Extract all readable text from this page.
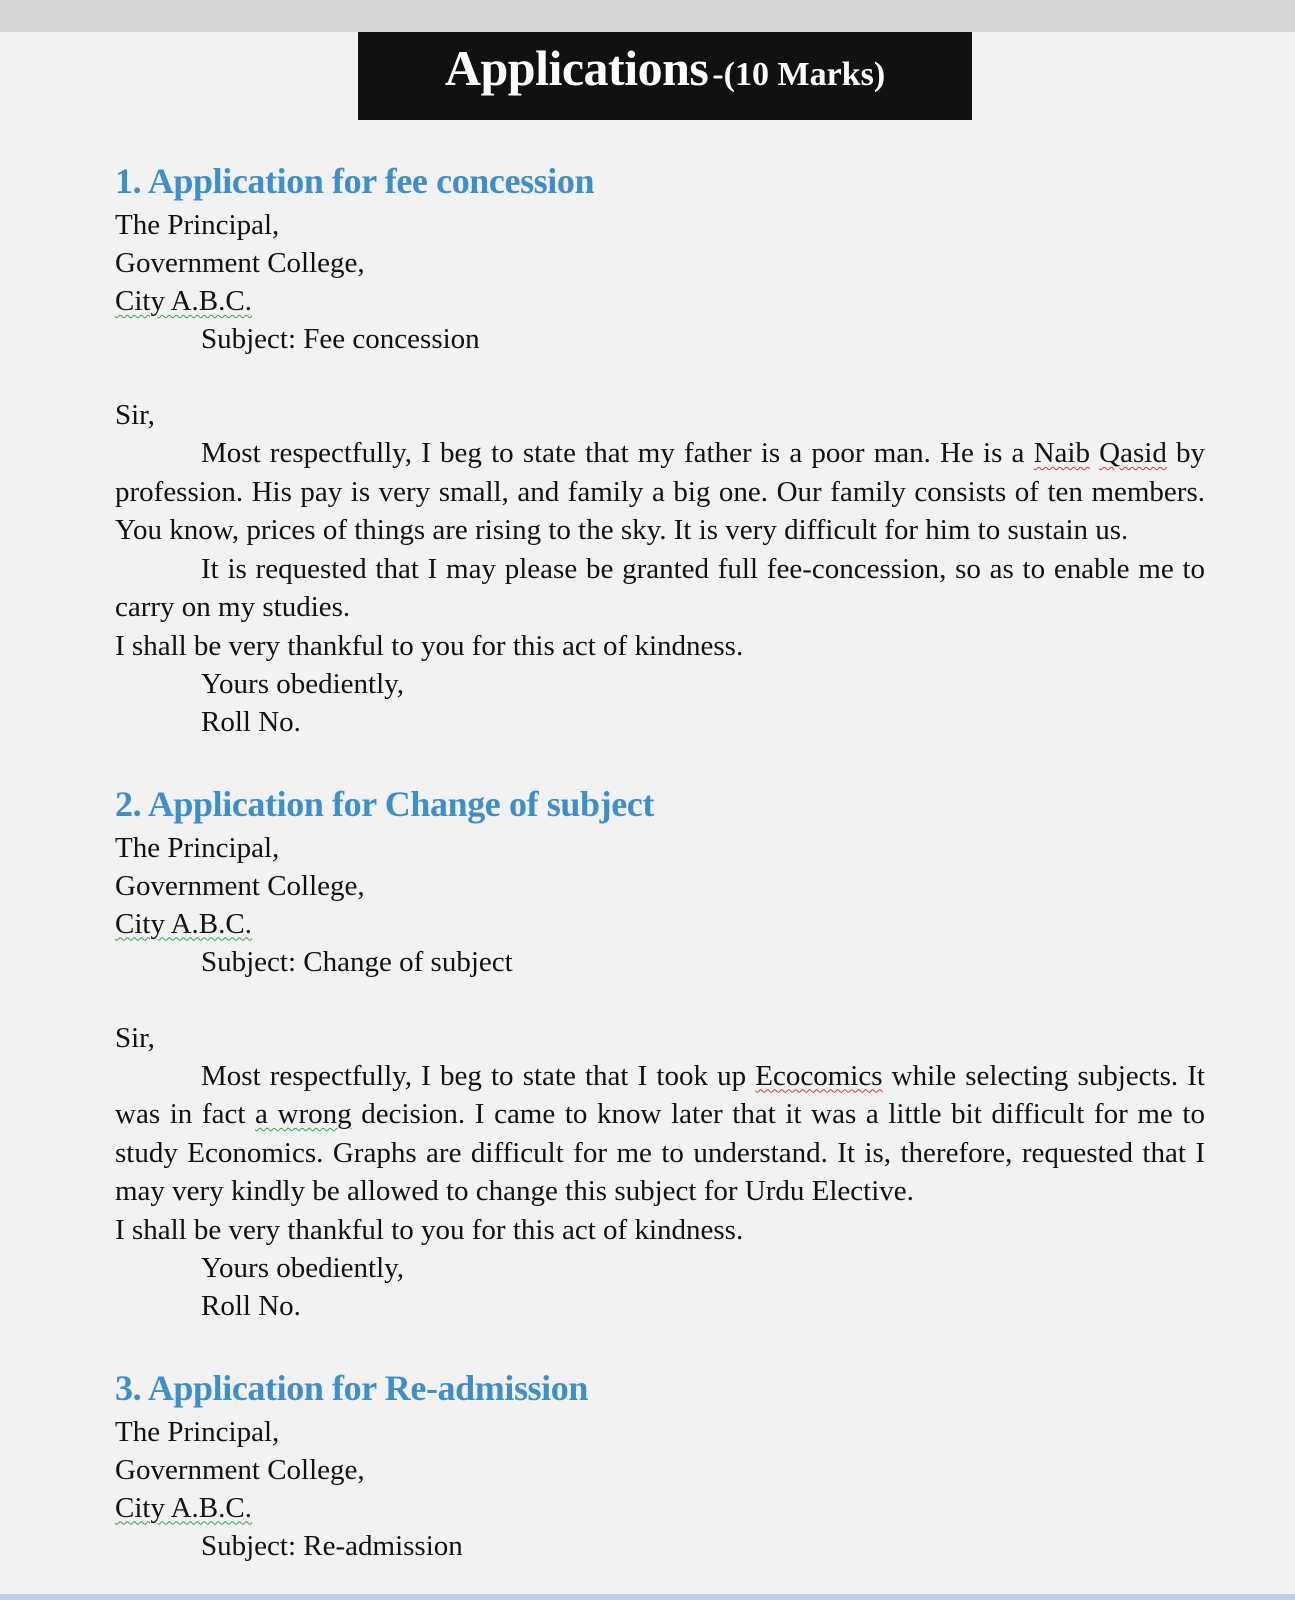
Applications -(10 Marks)

1. Application for fee concession

The Principal,

Government College,

City A.B.C.

Subject: Fee concession

Sir,

Most respectfully, I beg to state that my father is a poor man. He is a Naib Qasid by profession. His pay is very small, and family a big one. Our family consists of ten members. You know, prices of things are rising to the sky. It is very difficult for him to sustain us.

It is requested that I may please be granted full fee-concession, so as to enable me to carry on my studies.

I shall be very thankful to you for this act of kindness.

Yours obediently,

Roll No.

2. Application for Change of subject

The Principal,

Government College,

City A.B.C.

Subject: Change of subject

Sir,

Most respectfully, I beg to state that I took up Ecocomics while selecting subjects. It was in fact a wrong decision. I came to know later that it was a little bit difficult for me to study Economics. Graphs are difficult for me to understand. It is, therefore, requested that I may very kindly be allowed to change this subject for Urdu Elective.

I shall be very thankful to you for this act of kindness.

Yours obediently,

Roll No.

3. Application for Re-admission

The Principal,

Government College,

City A.B.C.

Subject: Re-admission
